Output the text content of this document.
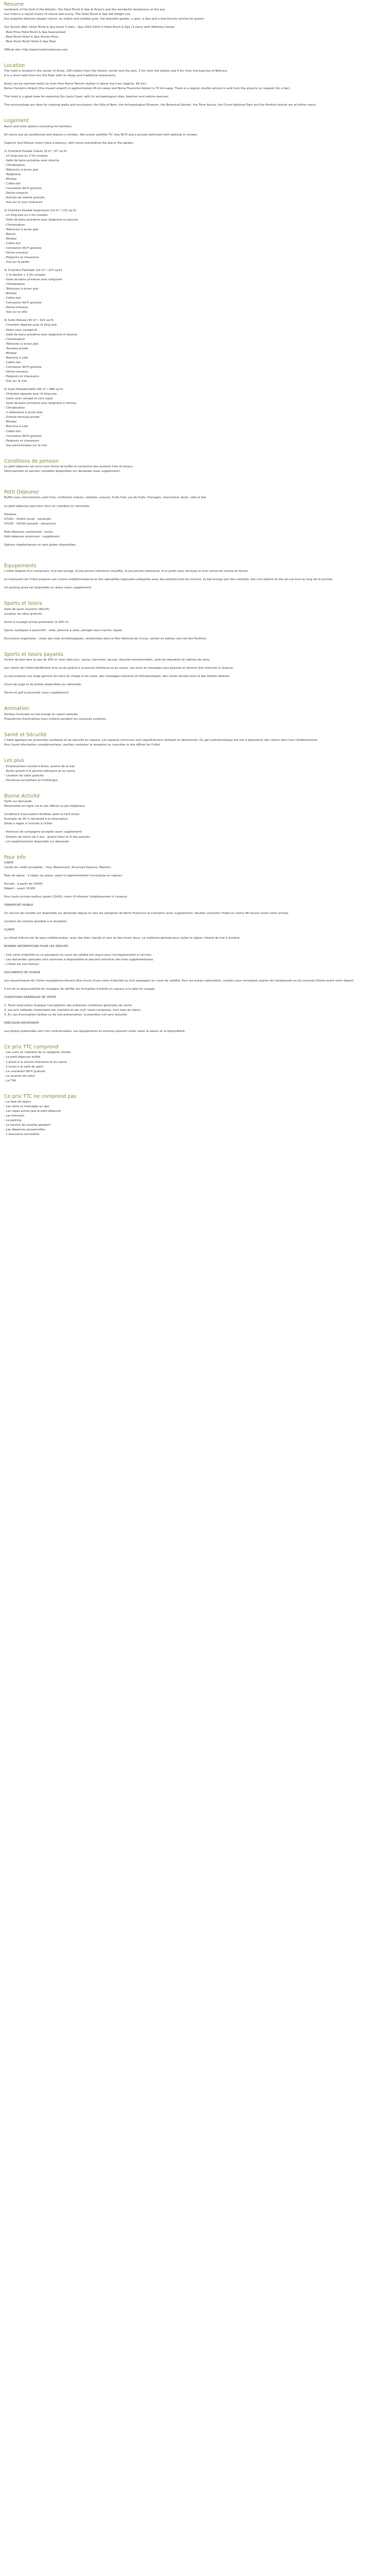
Resume
Landmark of the Gulf of the Adriatic: the Hotel Rivoli & Spa at Anzio's and the wonderful rendezvous at the sea.
Our hotel is a stylish fusion of nature and luxury. The Hotel Rivoli & Spa will delight you.
Our property features elegant rooms, an indoor and outdoor pool, the beautiful garden, a gym, a Spa and a free bicycle service for guests.
Our Tourist offer: Hotel Rivoli & Spa Anzio 3 stars - Spa 2023-2024 in Hotel Rivoli & Spa (3 stars) with Wellness Center.
- Best Price Hotel Rivoli & Spa Guaranteed
- Best Rivoli Hotel & Spa (Anzio) Price
- Best Anzio Rivoli Hotel & Spa Deal
Official site: http://www.hotelrivolianzio.com
Location
The hotel is located in the center of Anzio, 200 meters from the historic center and the port, 3 km from the station and 4 km from the beaches of Nettuno.
It is a short walk from the Old Town with its shops and traditional restaurants.
Anzio can be reached easily by train from Rome Termini station in about one hour (approx. 60 km).
Rome Ciampino Airport (the closest airport) is approximately 45 km away and Rome Fiumicino Airport is 70 km away. There is a regular shuttle service to and from the airports on request (for a fee).
The hotel is a great base for exploring the Lazio Coast, with its archaeological sites, beaches and nature reserves.
The surroundings are ideal for relaxing walks and excursions: the Villa of Nero, the Archaeological Museum, the Botanical Garden, the Torre Astura, the Circeo National Park and the Pontine Islands are all within reach.
Logement
Room and suite options (including for families).
All rooms are air-conditioned and feature a minibar, flat-screen satellite TV, free Wi-Fi and a private bathroom with bathtub or shower.
Superior and Deluxe rooms have a balcony, with some overlooking the sea or the garden.
1) Chambre Double Classic (9 m² / 97 sq ft)
- Lit king-size ou 2 lits simples
- Salle de bains privative avec douche
- Climatisation
- Télévision à écran plat
- Téléphone
- Minibar
- Coffre-fort
- Connexion Wi-Fi gratuite
- Sèche-cheveux
- Articles de toilette gratuits
- Vue sur la cour intérieure
2) Chambre Double Supérieure (14 m² / 151 sq ft)
- Lit king-size ou 2 lits simples
- Salle de bains privative avec baignoire ou douche
- Climatisation
- Télévision à écran plat
- Balcon
- Minibar
- Coffre-fort
- Connexion Wi-Fi gratuite
- Sèche-cheveux
- Peignoirs et chaussons
- Vue sur le jardin
3) Chambre Familiale (20 m² / 215 sq ft)
- 1 lit double + 2 lits simples
- Salle de bains privative avec baignoire
- Climatisation
- Télévision à écran plat
- Minibar
- Coffre-fort
- Connexion Wi-Fi gratuite
- Sèche-cheveux
- Vue sur la ville
4) Suite Deluxe (30 m² / 323 sq ft)
- Chambre séparée avec lit king-size
- Salon avec canapé-lit
- Salle de bains privative avec baignoire et douche
- Climatisation
- Télévision à écran plat
- Terrasse privée
- Minibar
- Machine à café
- Coffre-fort
- Connexion Wi-Fi gratuite
- Sèche-cheveux
- Peignoirs et chaussons
- Vue sur la mer
5) Suite Présidentielle (45 m² / 484 sq ft)
- Chambre séparée avec lit king-size
- Salon avec canapé et coin repas
- Salle de bains privative avec baignoire à remous
- Climatisation
- 2 télévisions à écran plat
- Grande terrasse privée
- Minibar
- Machine à café
- Coffre-fort
- Connexion Wi-Fi gratuite
- Peignoirs et chaussons
- Vue panoramique sur la mer
Conditions de pension
Le petit-déjeuner est servi sous forme de buffet et comprend des produits frais et locaux.
Demi-pension et pension complète disponibles sur demande (avec supplément).
Petit Déjeuner
Buffet avec viennoiseries, pain frais, confitures maison, céréales, yaourts, fruits frais, jus de fruits, fromages, charcuterie, œufs, café et thé.
Le petit-déjeuner peut être servi en chambre sur demande.
Horaires :
07h00 - 10h00 (lundi - vendredi)
07h30 - 10h30 (samedi - dimanche)
Petit-déjeuner continental : inclus
Petit-déjeuner américain : supplément
Options végétariennes et sans gluten disponibles.
Équipements
L'hôtel dispose d'un restaurant, d'un bar-lounge, d'une piscine intérieure chauffée, d'une piscine extérieure, d'un jardin avec terrasse et d'un centre de remise en forme.
Le restaurant de l'hôtel propose une cuisine méditerranéenne et des spécialités régionales préparées avec des produits frais du marché. Le bar-lounge sert des cocktails, des vins italiens et des en-cas tout au long de la journée.
Un parking privé est disponible sur place (avec supplément).
Sports et loisirs
Salle de sport (ouverte 24h/24)
Location de vélos gratuite
Accès à la plage privée partenaire (à 300 m)
Sports nautiques à proximité : voile, planche à voile, plongée sous-marine, kayak.
Excursions organisées : visite des sites archéologiques, randonnées dans le Parc National du Circeo, sorties en bateau vers les îles Pontines.
Sports et loisirs payants
Centre de bien-être et spa de 500 m² avec bain turc, sauna, hammam, jacuzzi, douches émotionnelles, salle de relaxation et cabines de soins.
Les clients de l'hôtel bénéficient d'un accès gratuit à la piscine intérieure et au sauna. Les soins et massages sont payants et doivent être réservés à l'avance.
Le spa propose une large gamme de soins du visage et du corps, des massages relaxants et thérapeutiques, des rituels de bien-être et des forfaits détente.
Cours de yoga et de pilates disponibles sur demande.
Tennis et golf à proximité (avec supplément).
Animation
Soirées musicales au bar-lounge en saison estivale.
Programme d'animations pour enfants pendant les vacances scolaires.
Santé et Sécurité
L'hôtel applique les protocoles sanitaires et de sécurité en vigueur. Les espaces communs sont régulièrement nettoyés et désinfectés. Du gel hydroalcoolique est mis à disposition des clients dans tout l'établissement.
Pour toute information complémentaire, veuillez contacter la réception ou consulter le site officiel de l'hôtel.
Les plus
- Emplacement central à Anzio, proche de la mer
- Accès gratuit à la piscine intérieure et au sauna
- Location de vélos gratuite
- Personnel accueillant et multilingue
Bonne Activité
Tarifs sur demande.
Réservation en ligne via le site officiel ou par téléphone.
Conditions d'annulation flexibles selon le tarif choisi.
Acompte de 30 % demandé à la réservation.
Solde à régler à l'arrivée à l'hôtel.
- Animaux de compagnie acceptés (avec supplément)
- Enfants de moins de 3 ans : gratuit dans le lit des parents
- Lit supplémentaire disponible sur demande
Pour info
CARTE
Cartes de crédit acceptées : Visa, Mastercard, American Express, Maestro.
Taxe de séjour : à régler sur place, selon la réglementation municipale en vigueur.
Arrivée : à partir de 14h00
Départ : avant 11h00
Pour toute arrivée tardive (après 22h00), merci d'informer l'établissement à l'avance.
TRANSPORT MOBILE
Un service de navette est disponible sur demande depuis et vers les aéroports de Rome Fiumicino et Ciampino (avec supplément). Veuillez contacter l'hôtel au moins 48 heures avant votre arrivée.
Location de voitures possible à la réception.
CLIMAT
Le climat d'Anzio est de type méditerranéen, avec des étés chauds et secs et des hivers doux. La meilleure période pour visiter la région s'étend de mai à octobre.
BONNES INFORMATIONS POUR LES SÉJOURS
- Une carte d'identité ou un passeport en cours de validité est requis pour l'enregistrement à l'arrivée.
- Les demandes spéciales sont soumises à disponibilité et peuvent entraîner des frais supplémentaires.
- L'hôtel est non-fumeur.
DOCUMENTS DE VOYAGE
Les ressortissants de l'Union européenne doivent être munis d'une carte d'identité ou d'un passeport en cours de validité. Pour les autres nationalités, veuillez vous renseigner auprès de l'ambassade ou du consulat d'Italie avant votre départ.
Il est de la responsabilité du voyageur de vérifier les formalités d'entrée en vigueur à la date du voyage.
CONDITIONS GÉNÉRALES DE VENTE
1. Toute réservation implique l'acceptation des présentes conditions générales de vente.
2. Les prix indiqués s'entendent par chambre et par nuit, taxes comprises, hors taxe de séjour.
3. En cas d'annulation tardive ou de non-présentation, la première nuit sera facturée.
PRÉCISION IMPORTANTE
Les photos présentées sont non contractuelles. Les équipements et services peuvent varier selon la saison et la disponibilité.
Ce prix TTC comprend
- Les nuits en chambre de la catégorie choisie
- Le petit-déjeuner buffet
- L'accès à la piscine intérieure et au sauna
- L'accès à la salle de sport
- La connexion Wi-Fi gratuite
- La location de vélos
- La TVA
Ce prix TTC ne comprend pas
- La taxe de séjour
- Les soins et massages au spa
- Les repas autres que le petit-déjeuner
- Les boissons
- Le parking
- Le service de navette aéroport
- Les dépenses personnelles
- L'assurance annulation
